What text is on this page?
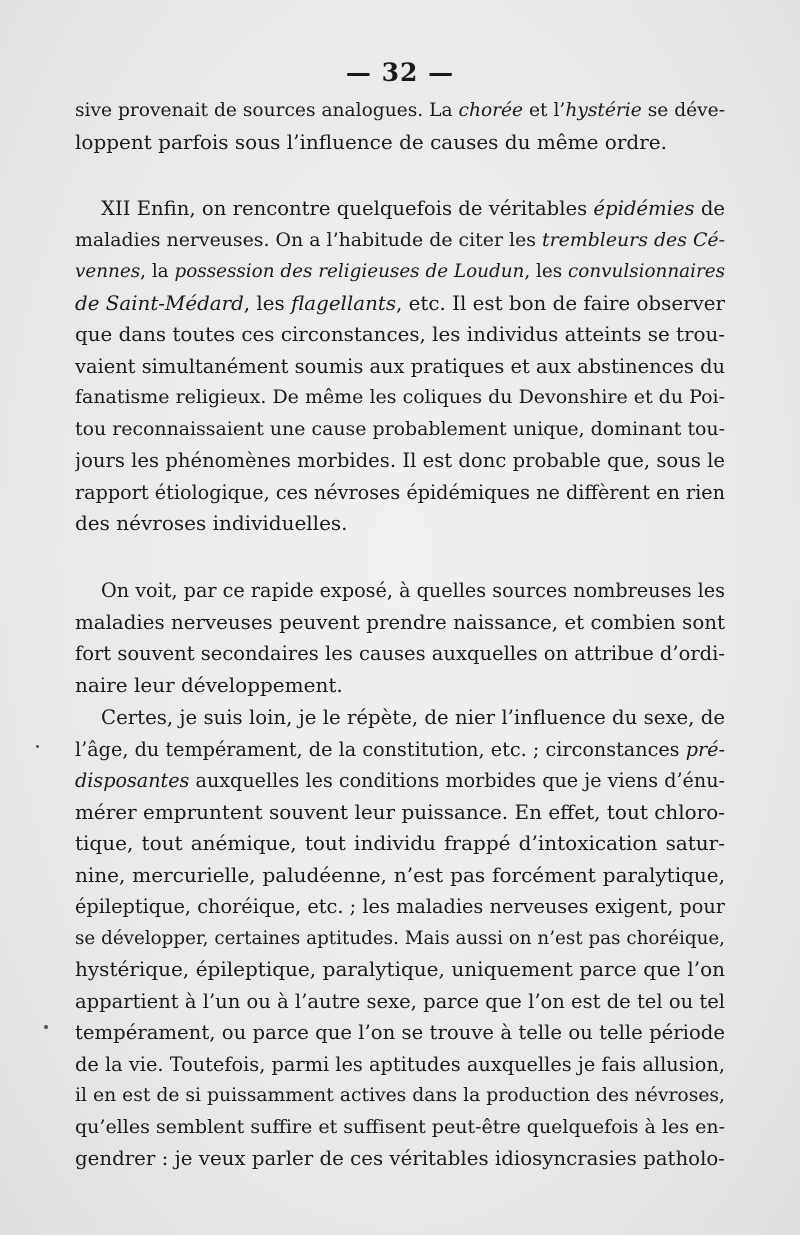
— 32 —
sive provenait de sources analogues. La chorée et l’hystérie se déve-
loppent parfois sous l’influence de causes du même ordre.
XII Enfin, on rencontre quelquefois de véritables épidémies de
maladies nerveuses. On a l’habitude de citer les trembleurs des Cé-
vennes, la possession des religieuses de Loudun, les convulsionnaires
de Saint-Médard, les flagellants, etc. Il est bon de faire observer
que dans toutes ces circonstances, les individus atteints se trou-
vaient simultanément soumis aux pratiques et aux abstinences du
fanatisme religieux. De même les coliques du Devonshire et du Poi-
tou reconnaissaient une cause probablement unique, dominant tou-
jours les phénomènes morbides. Il est donc probable que, sous le
rapport étiologique, ces névroses épidémiques ne diffèrent en rien
des névroses individuelles.
On voit, par ce rapide exposé, à quelles sources nombreuses les
maladies nerveuses peuvent prendre naissance, et combien sont
fort souvent secondaires les causes auxquelles on attribue d’ordi-
naire leur développement.
Certes, je suis loin, je le répète, de nier l’influence du sexe, de
l’âge, du tempérament, de la constitution, etc. ; circonstances pré-
disposantes auxquelles les conditions morbides que je viens d’énu-
mérer empruntent souvent leur puissance. En effet, tout chloro-
tique, tout anémique, tout individu frappé d’intoxication satur-
nine, mercurielle, paludéenne, n’est pas forcément paralytique,
épileptique, choréique, etc. ; les maladies nerveuses exigent, pour
se développer, certaines aptitudes. Mais aussi on n’est pas choréique,
hystérique, épileptique, paralytique, uniquement parce que l’on
appartient à l’un ou à l’autre sexe, parce que l’on est de tel ou tel
tempérament, ou parce que l’on se trouve à telle ou telle période
de la vie. Toutefois, parmi les aptitudes auxquelles je fais allusion,
il en est de si puissamment actives dans la production des névroses,
qu’elles semblent suffire et suffisent peut-être quelquefois à les en-
gendrer : je veux parler de ces véritables idiosyncrasies patholo-
